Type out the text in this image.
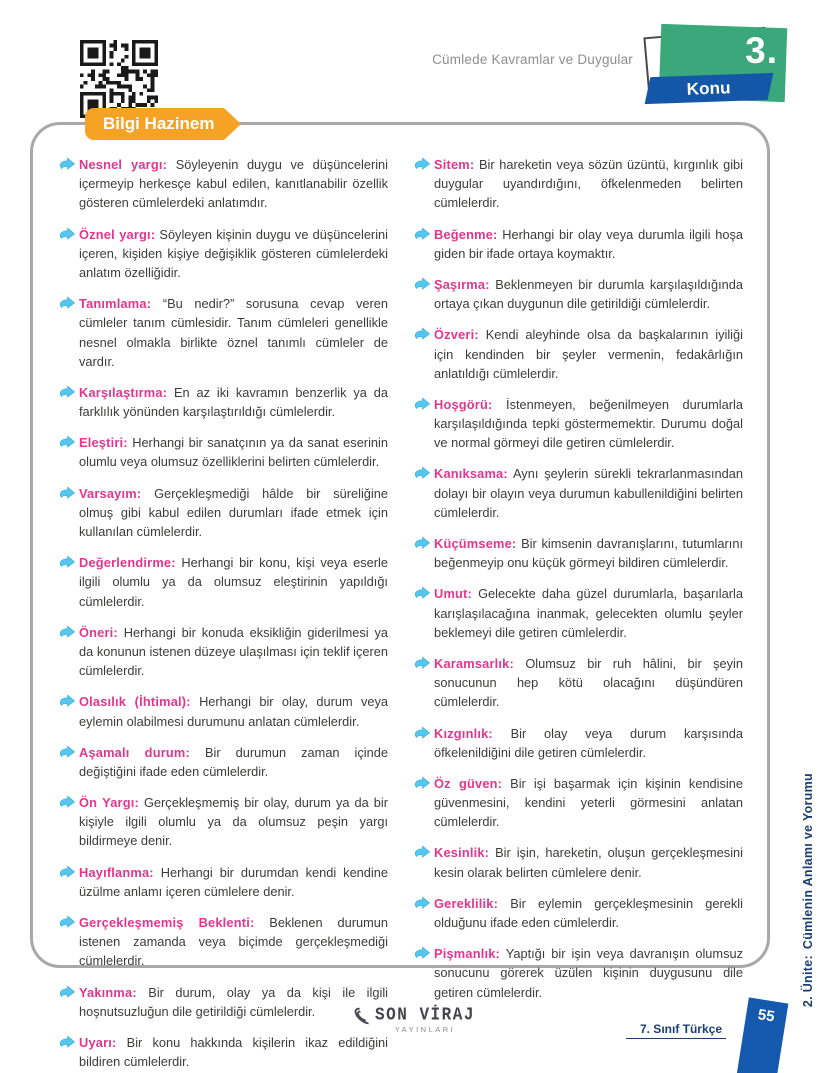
Cümlede Kavramlar ve Duygular	3.
Konu
Bilgi Hazinem

Nesnel yargı: Söyleyenin duygu ve düşüncelerini içermeyip herkesçe kabul edilen, kanıtlanabilir özellik gösteren cümlelerdeki anlatımdır.

Öznel yargı: Söyleyen kişinin duygu ve düşüncelerini içeren, kişiden kişiye değişiklik gösteren cümlelerdeki anlatım özelliğidir.

Tanımlama: “Bu nedir?” sorusuna cevap veren cümleler tanım cümlesidir. Tanım cümleleri genellikle nesnel olmakla birlikte öznel tanımlı cümleler de vardır.

Karşılaştırma: En az iki kavramın benzerlik ya da farklılık yönünden karşılaştırıldığı cümlelerdir.

Eleştiri: Herhangi bir sanatçının ya da sanat eserinin olumlu veya olumsuz özelliklerini belirten cümlelerdir.

Varsayım: Gerçekleşmediği hâlde bir süreliğine olmuş gibi kabul edilen durumları ifade etmek için kullanılan cümlelerdir.

Değerlendirme: Herhangi bir konu, kişi veya eserle ilgili olumlu ya da olumsuz eleştirinin yapıldığı cümlelerdir.

Öneri: Herhangi bir konuda eksikliğin giderilmesi ya da konunun istenen düzeye ulaşılması için teklif içeren cümlelerdir.

Olasılık (İhtimal): Herhangi bir olay, durum veya eylemin olabilmesi durumunu anlatan cümlelerdir.

Aşamalı durum: Bir durumun zaman içinde değiştiğini ifade eden cümlelerdir.

Ön Yargı: Gerçekleşmemiş bir olay, durum ya da bir kişiyle ilgili olumlu ya da olumsuz peşin yargı bildirmeye denir.

Hayıflanma: Herhangi bir durumdan kendi kendine üzülme anlamı içeren cümlelere denir.

Gerçekleşmemiş Beklenti: Beklenen durumun istenen zamanda veya biçimde gerçekleşmediği cümlelerdir.

Yakınma: Bir durum, olay ya da kişi ile ilgili hoşnutsuzluğun dile getirildiği cümlelerdir.

Uyarı: Bir konu hakkında kişilerin ikaz edildiğini bildiren cümlelerdir.

Sitem: Bir hareketin veya sözün üzüntü, kırgınlık gibi duygular uyandırdığını, öfkelenmeden belirten cümlelerdir.

Beğenme: Herhangi bir olay veya durumla ilgili hoşa giden bir ifade ortaya koymaktır.

Şaşırma: Beklenmeyen bir durumla karşılaşıldığında ortaya çıkan duygunun dile getirildiği cümlelerdir.

Özveri: Kendi aleyhinde olsa da başkalarının iyiliği için kendinden bir şeyler vermenin, fedakârlığın anlatıldığı cümlelerdir.

Hoşgörü: İstenmeyen, beğenilmeyen durumlarla karşılaşıldığında tepki göstermemektir. Durumu doğal ve normal görmeyi dile getiren cümlelerdir.

Kanıksama: Aynı şeylerin sürekli tekrarlanmasından dolayı bir olayın veya durumun kabullenildiğini belirten cümlelerdir.

Küçümseme: Bir kimsenin davranışlarını, tutumlarını beğenmeyip onu küçük görmeyi bildiren cümlelerdir.

Umut: Gelecekte daha güzel durumlarla, başarılarla karışlaşılacağına inanmak, gelecekten olumlu şeyler beklemeyi dile getiren cümlelerdir.

Karamsarlık: Olumsuz bir ruh hâlini, bir şeyin sonucunun hep kötü olacağını düşündüren cümlelerdir.

Kızgınlık: Bir olay veya durum karşısında öfkelenildiğini dile getiren cümlelerdir.

Öz güven: Bir işi başarmak için kişinin kendisine güvenmesini, kendini yeterli görmesini anlatan cümlelerdir.

Kesinlik: Bir işin, hareketin, oluşun gerçekleşmesini kesin olarak belirten cümlelere denir.

Gereklilik: Bir eylemin gerçekleşmesinin gerekli olduğunu ifade eden cümlelerdir.

Pişmanlık: Yaptığı bir işin veya davranışın olumsuz sonucunu görerek üzülen kişinin duygusunu dile getiren cümlelerdir.	2. Ünite:Cümlenin Anlamı ve Yorumu
SON VİRAJ
YAYINLARI	7. Sınıf Türkçe
55
